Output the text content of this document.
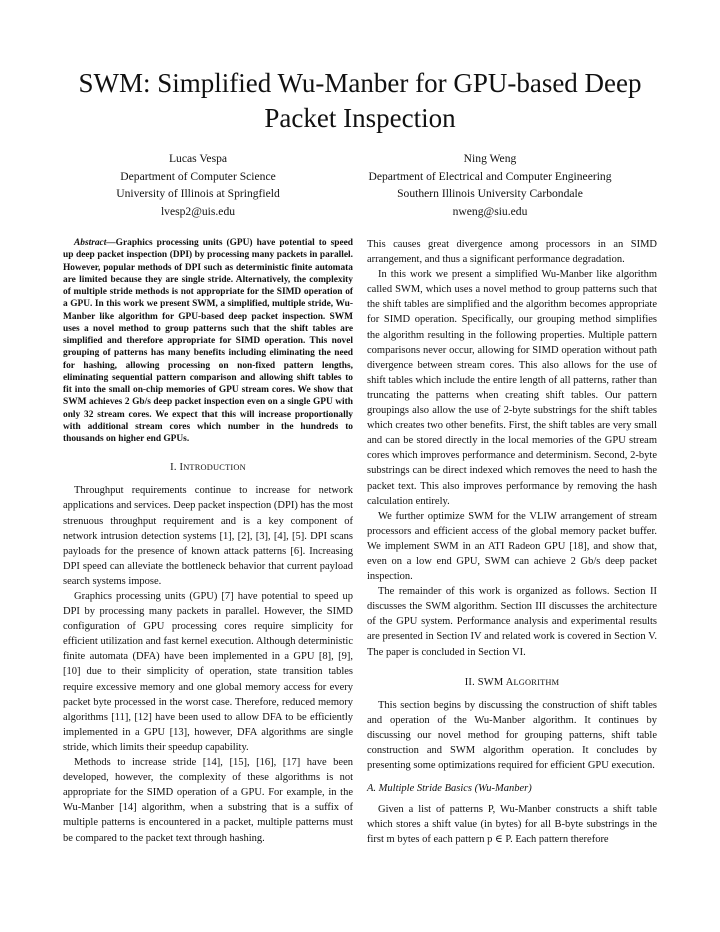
SWM: Simplified Wu-Manber for GPU-based Deep Packet Inspection
Lucas Vespa
Department of Computer Science
University of Illinois at Springfield
lvesp2@uis.edu
Ning Weng
Department of Electrical and Computer Engineering
Southern Illinois University Carbondale
nweng@siu.edu

Abstract—Graphics processing units (GPU) have potential to speed up deep packet inspection (DPI) by processing many packets in parallel. However, popular methods of DPI such as deterministic finite automata are limited because they are single stride. Alternatively, the complexity of multiple stride methods is not appropriate for the SIMD operation of a GPU. In this work we present SWM, a simplified, multiple stride, Wu-Manber like algorithm for GPU-based deep packet inspection. SWM uses a novel method to group patterns such that the shift tables are simplified and therefore appropriate for SIMD operation. This novel grouping of patterns has many benefits including eliminating the need for hashing, allowing processing on non-fixed pattern lengths, eliminating sequential pattern comparison and allowing shift tables to fit into the small on-chip memories of GPU stream cores. We show that SWM achieves 2 Gb/s deep packet inspection even on a single GPU with only 32 stream cores. We expect that this will increase proportionally with additional stream cores which number in the hundreds to thousands on higher end GPUs.

I. INTRODUCTION

Throughput requirements continue to increase for network applications and services. Deep packet inspection (DPI) has the most strenuous throughput requirement and is a key component of network intrusion detection systems [1], [2], [3], [4], [5]. DPI scans payloads for the presence of known attack patterns [6]. Increasing DPI speed can alleviate the bottleneck behavior that current payload search systems impose.

Graphics processing units (GPU) [7] have potential to speed up DPI by processing many packets in parallel. However, the SIMD configuration of GPU processing cores require simplicity for efficient utilization and fast kernel execution. Although deterministic finite automata (DFA) have been implemented in a GPU [8], [9], [10] due to their simplicity of operation, state transition tables require excessive memory and one global memory access for every packet byte processed in the worst case. Therefore, reduced memory algorithms [11], [12] have been used to allow DFA to be efficiently implemented in a GPU [13], however, DFA algorithms are single stride, which limits their speedup capability.

Methods to increase stride [14], [15], [16], [17] have been developed, however, the complexity of these algorithms is not appropriate for the SIMD operation of a GPU. For example, in the Wu-Manber [14] algorithm, when a substring that is a suffix of multiple patterns is encountered in a packet, multiple patterns must be compared to the packet text through hashing.

This causes great divergence among processors in an SIMD arrangement, and thus a significant performance degradation.

In this work we present a simplified Wu-Manber like algorithm called SWM, which uses a novel method to group patterns such that the shift tables are simplified and the algorithm becomes appropriate for SIMD operation. Specifically, our grouping method simplifies the algorithm resulting in the following properties. Multiple pattern comparisons never occur, allowing for SIMD operation without path divergence between stream cores. This also allows for the use of shift tables which include the entire length of all patterns, rather than truncating the patterns when creating shift tables. Our pattern groupings also allow the use of 2-byte substrings for the shift tables which creates two other benefits. First, the shift tables are very small and can be stored directly in the local memories of the GPU stream cores which improves performance and determinism. Second, 2-byte substrings can be direct indexed which removes the need to hash the packet text. This also improves performance by removing the hash calculation entirely.

We further optimize SWM for the VLIW arrangement of stream processors and efficient access of the global memory packet buffer. We implement SWM in an ATI Radeon GPU [18], and show that, even on a low end GPU, SWM can achieve 2 Gb/s deep packet inspection.

The remainder of this work is organized as follows. Section II discusses the SWM algorithm. Section III discusses the architecture of the GPU system. Performance analysis and experimental results are presented in Section IV and related work is covered in Section V. The paper is concluded in Section VI.

II. SWM ALGORITHM

This section begins by discussing the construction of shift tables and operation of the Wu-Manber algorithm. It continues by discussing our novel method for grouping patterns, shift table construction and SWM algorithm operation. It concludes by presenting some optimizations required for efficient GPU execution.

A. Multiple Stride Basics (Wu-Manber)

Given a list of patterns P, Wu-Manber constructs a shift table which stores a shift value (in bytes) for all B-byte substrings in the first m bytes of each pattern p ∈ P. Each pattern therefore
